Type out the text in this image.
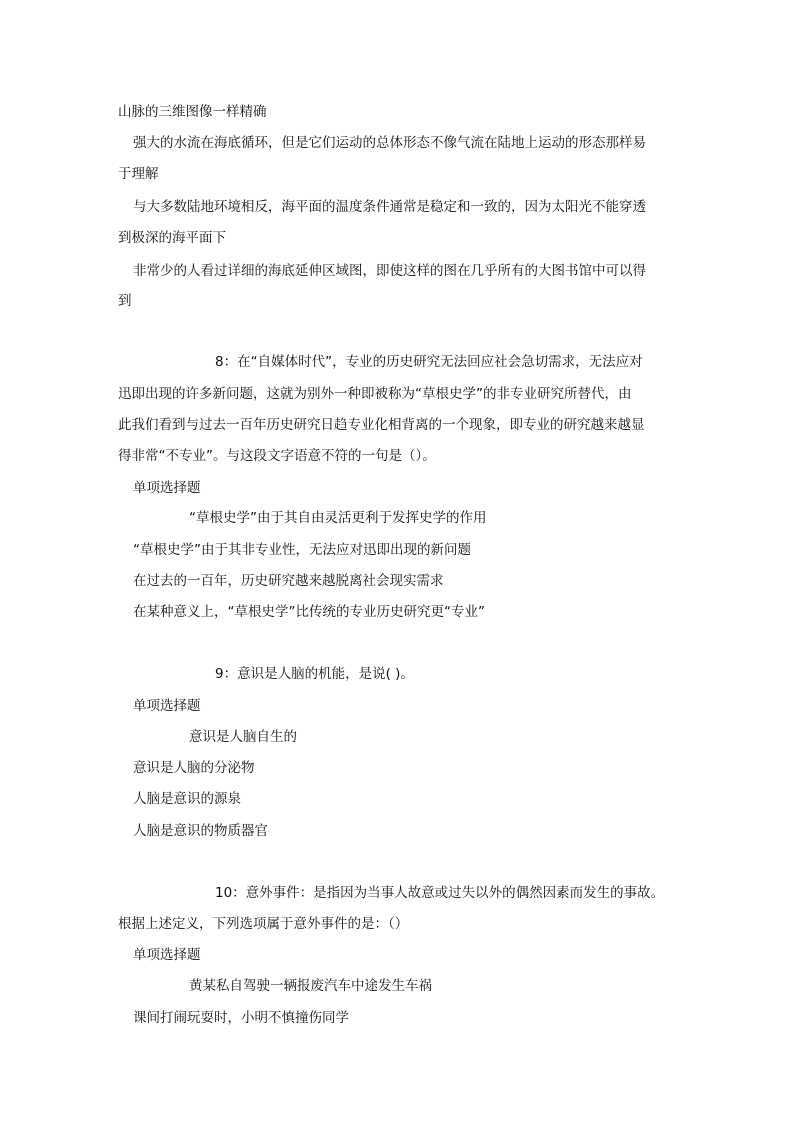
山脉的三维图像一样精确
强大的水流在海底循环，但是它们运动的总体形态不像气流在陆地上运动的形态那样易
于理解
与大多数陆地环境相反，海平面的温度条件通常是稳定和一致的，因为太阳光不能穿透
到极深的海平面下
非常少的人看过详细的海底延伸区域图，即使这样的图在几乎所有的大图书馆中可以得
到
8：在“自媒体时代”，专业的历史研究无法回应社会急切需求，无法应对
迅即出现的许多新问题，这就为别外一种即被称为“草根史学”的非专业研究所替代，由
此我们看到与过去一百年历史研究日趋专业化相背离的一个现象，即专业的研究越来越显
得非常“不专业”。与这段文字语意不符的一句是（）。
单项选择题
“草根史学”由于其自由灵活更利于发挥史学的作用
“草根史学”由于其非专业性，无法应对迅即出现的新问题
在过去的一百年，历史研究越来越脱离社会现实需求
在某种意义上，“草根史学”比传统的专业历史研究更“专业”
9：意识是人脑的机能，是说( )。
单项选择题
意识是人脑自生的
意识是人脑的分泌物
人脑是意识的源泉
人脑是意识的物质器官
10：意外事件：是指因为当事人故意或过失以外的偶然因素而发生的事故。
根据上述定义，下列选项属于意外事件的是：（）
单项选择题
黄某私自驾驶一辆报废汽车中途发生车祸
课间打闹玩耍时，小明不慎撞伤同学
